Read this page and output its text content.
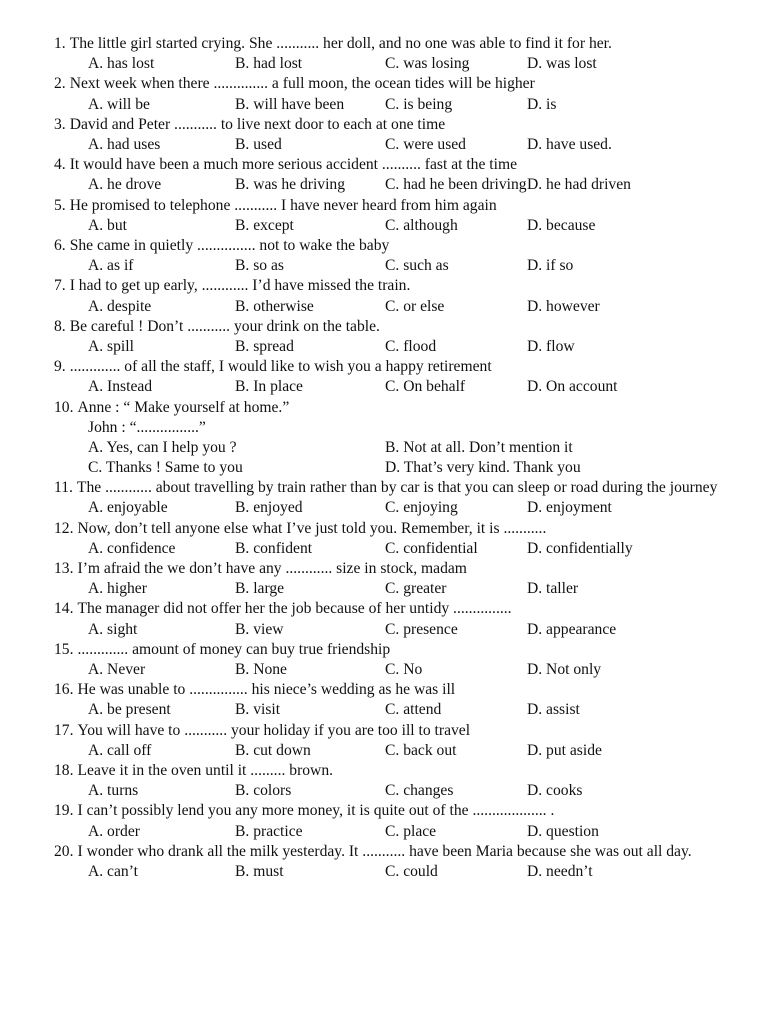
1. The little girl started crying. She ........... her doll, and no one was able to find it for her.
A. has lost	B. had lost	C. was losing	D. was lost
2. Next week when there .............. a full moon, the ocean tides will be higher
A. will be	B. will have been	C. is being	D. is
3. David and Peter ........... to live next door to each at one time
A. had uses	B. used	C. were used	D. have used.
4. It would have been a much more serious accident .......... fast at the time
A. he drove	B. was he driving	C. had he been driving D. he had driven
5. He promised to telephone ........... I have never heard from him again
A. but	B. except	C. although	D. because
6. She came in quietly ............... not to wake the baby
A. as if	B. so as	C. such as	D. if so
7. I had to get up early, ............ I’d have missed the train.
A. despite	B. otherwise	C. or else	D. however
8. Be careful ! Don’t ........... your drink on the table.
A. spill	B. spread	C. flood	D. flow
9. ............. of all the staff, I would like to wish you a happy retirement
A. Instead	B. In place	C. On behalf	D. On account
10. Anne : “ Make yourself at home.”
John : “................”
A. Yes, can I help you ?	B. Not at all. Don’t mention it
C. Thanks ! Same to you	D. That’s very kind. Thank you
11. The ............ about travelling by train rather than by car is that you can sleep or road during the journey
A. enjoyable	B. enjoyed	C. enjoying	D. enjoyment
12. Now, don’t tell anyone else what I’ve just told you. Remember, it is ...........
A. confidence	B. confident	C. confidential	D. confidentially
13. I’m afraid the we don’t have any ............ size in stock, madam
A. higher	B. large	C. greater	D. taller
14. The manager did not offer her the job because of her untidy ...............
A. sight	B. view	C. presence	D. appearance
15. ............. amount of money can buy true friendship
A. Never	B. None	C. No	D. Not only
16. He was unable to ............... his niece’s wedding as he was ill
A. be present	B. visit	C. attend	D. assist
17. You will have to ........... your holiday if you are too ill to travel
A. call off	B. cut down	C. back out	D. put aside
18. Leave it in the oven until it ......... brown.
A. turns	B. colors	C. changes	D. cooks
19. I can’t possibly lend you any more money, it is quite out of the ................... .
A. order	B. practice	C. place	D. question
20. I wonder who drank all the milk yesterday. It ........... have been Maria because she was out all day.
A. can’t	B. must	C. could	D. needn’t
